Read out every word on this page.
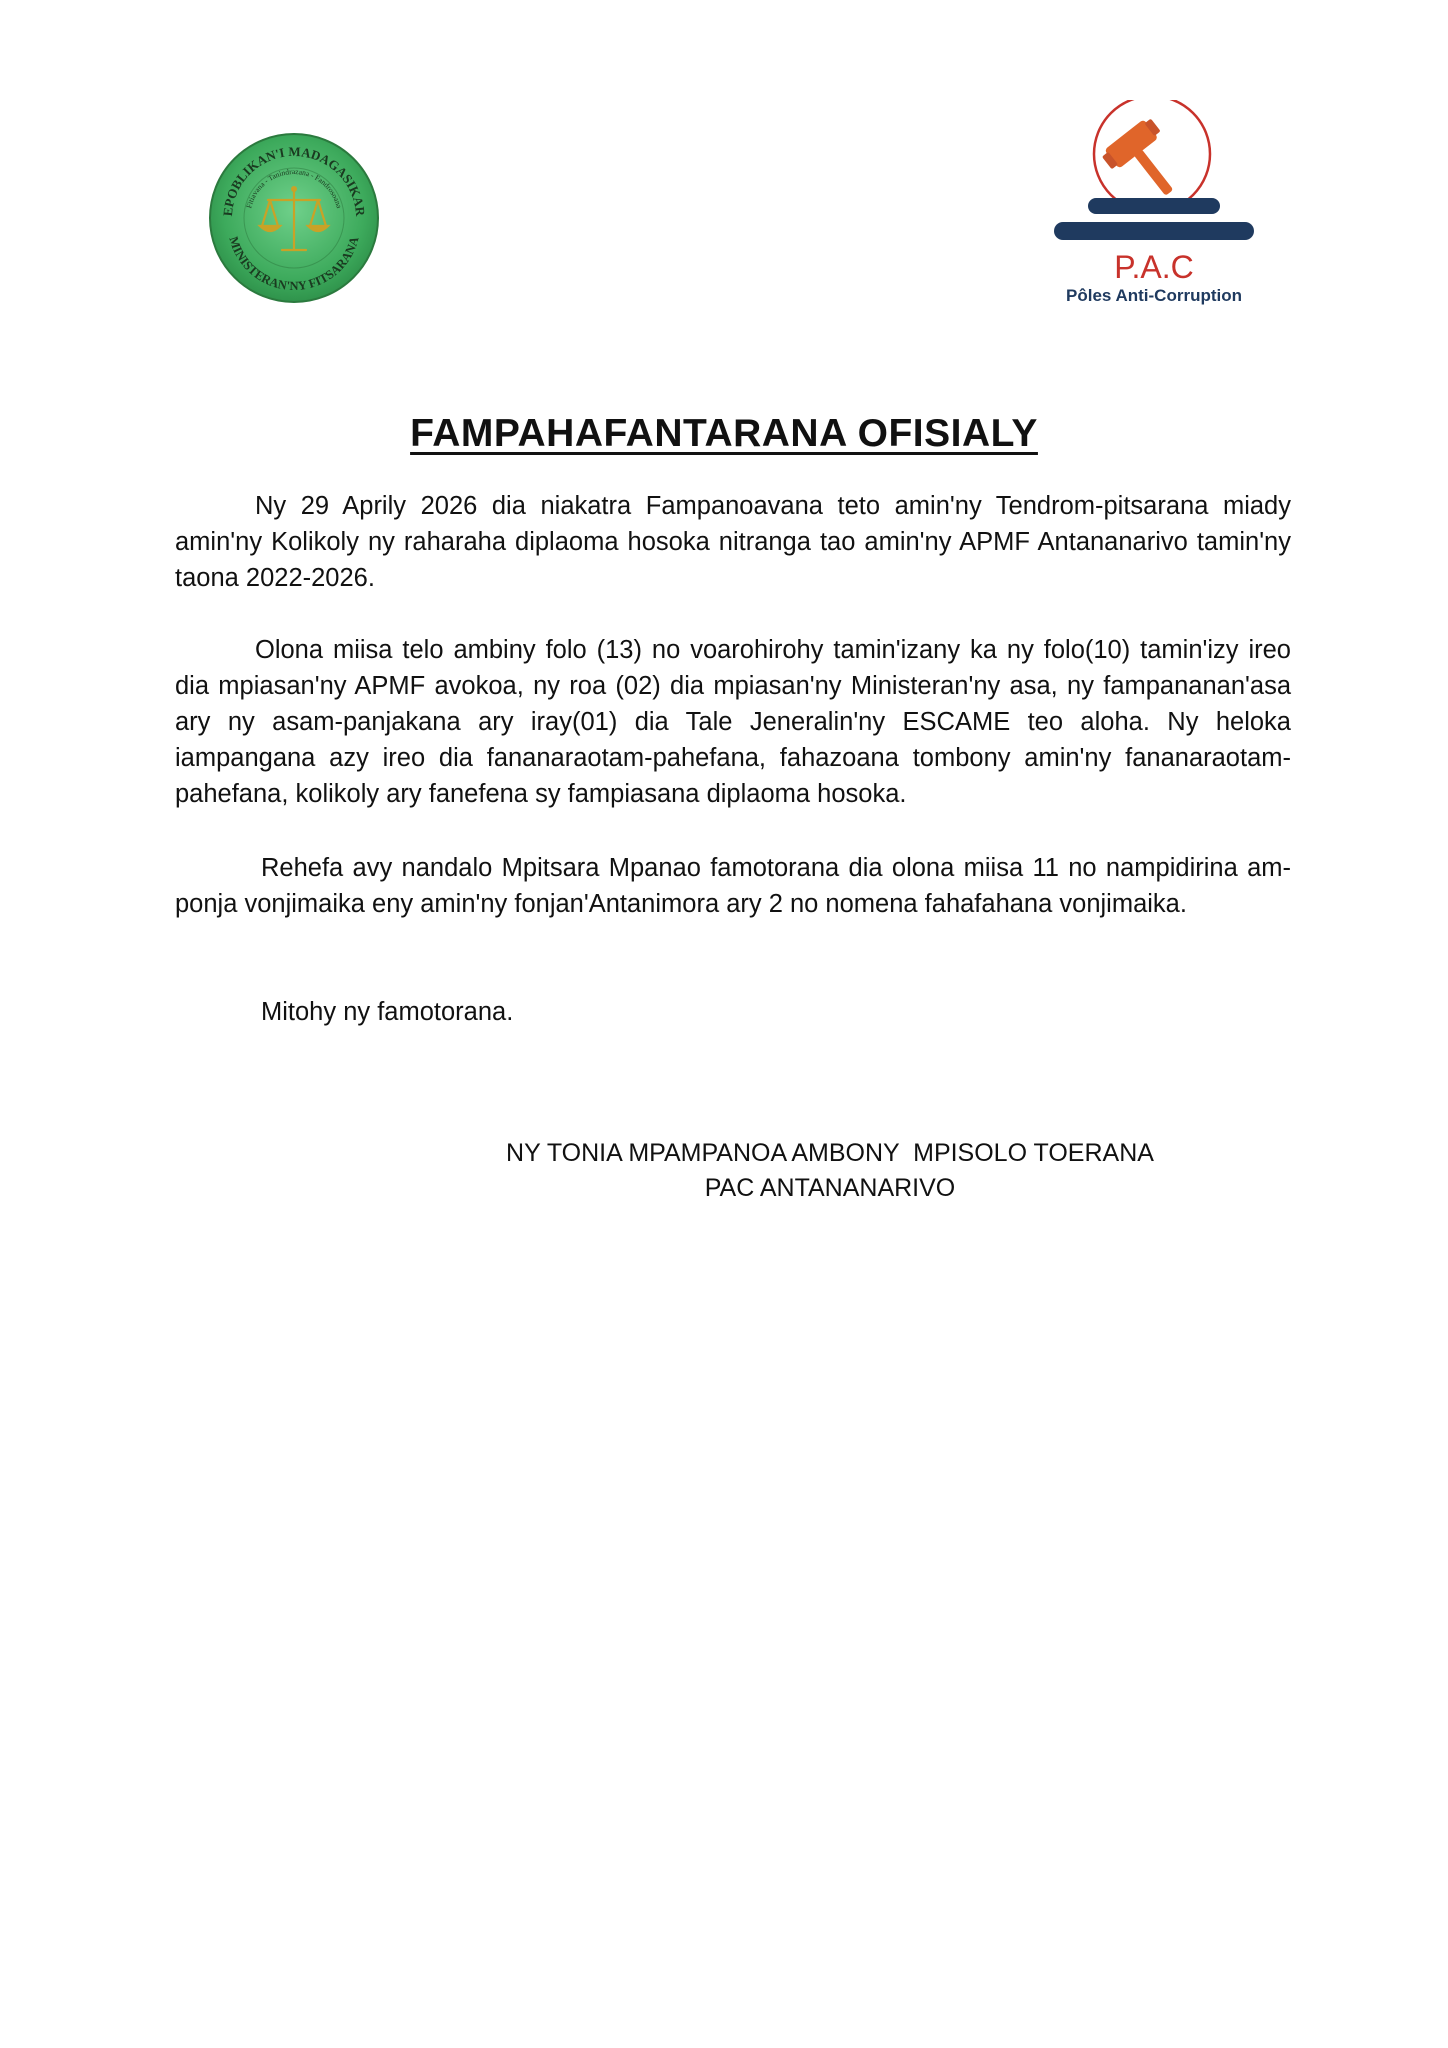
EPOBLIKAN'I MADAGASIKAR
Fitiavana - Tanindrazana - Fandrosoana
MINISTERAN'NY FITSARANA
P.A.C
Pôles Anti-Corruption
FAMPAHAFANTARANA OFISIALY

Ny 29 Aprily 2026 dia niakatra Fampanoavana teto amin'ny Tendrom-pitsarana miady amin'ny Kolikoly ny raharaha diplaoma hosoka nitranga tao amin'ny APMF Antananarivo tamin'ny taona 2022-2026.

Olona miisa telo ambiny folo (13) no voarohirohy tamin'izany ka ny folo(10) tamin'izy ireo dia mpiasan'ny APMF avokoa, ny roa (02) dia mpiasan'ny Ministeran'ny asa, ny fampananan'asa ary ny asam-panjakana ary iray(01) dia Tale Jeneralin'ny ESCAME teo aloha. Ny heloka iampangana azy ireo dia fananaraotam-pahefana, fahazoana tombony amin'ny fananaraotam-pahefana, kolikoly ary fanefena sy fampiasana diplaoma hosoka.

Rehefa avy nandalo Mpitsara Mpanao famotorana dia olona miisa 11 no nampidirina am-ponja vonjimaika eny amin'ny fonjan'Antanimora ary 2 no nomena fahafahana vonjimaika.

Mitohy ny famotorana.

NY TONIA MPAMPANOA AMBONY  MPISOLO TOERANA
PAC ANTANANARIVO
